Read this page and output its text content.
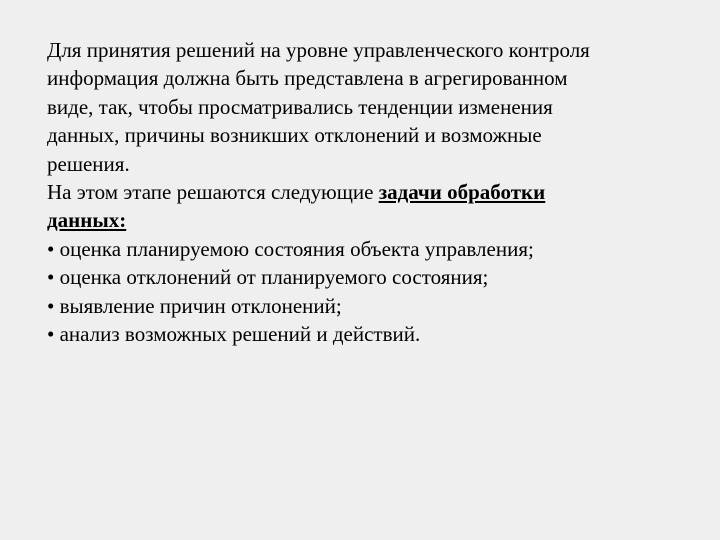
Для принятия решений на уровне управленческого контроля
информация должна быть представлена в агрегированном
виде, так, чтобы просматривались тенденции изменения
данных, причины возникших отклонений и возможные
решения.
На этом этапе решаются следующие задачи обработки
данных:
• оценка планируемою состояния объекта управления;
• оценка отклонений от планируемого состояния;
• выявление причин отклонений;
• анализ возможных решений и действий.
